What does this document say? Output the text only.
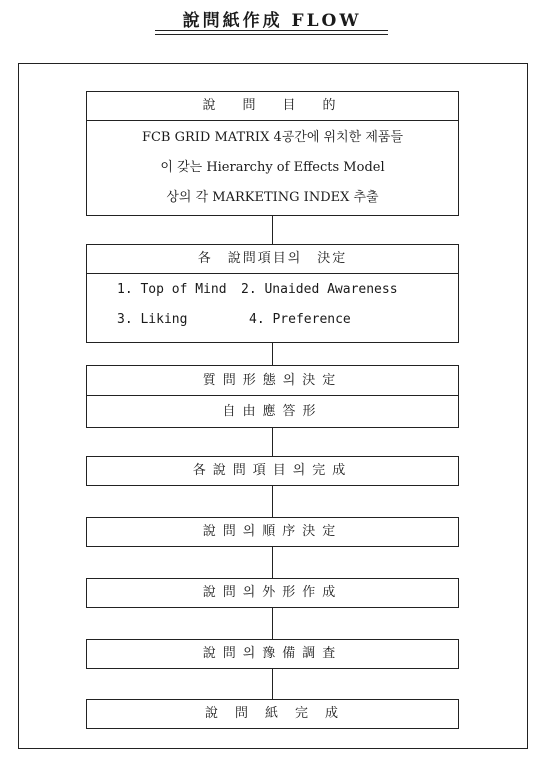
說問紙作成 FLOW
說　問　目　的
FCB GRID MATRIX 4공간에 위치한 제품들
이 갖는 Hierarchy of Effects Model
상의 각 MARKETING INDEX 추출
各　說問項目의　決定
1. Top of Mind 2. Unaided Awareness
3. Liking	4. Preference
質問形態의決定
自由應答形
各說問項目의完成
說問의順序決定
說問의外形作成
說問의豫備調査
說　問　紙　完　成
